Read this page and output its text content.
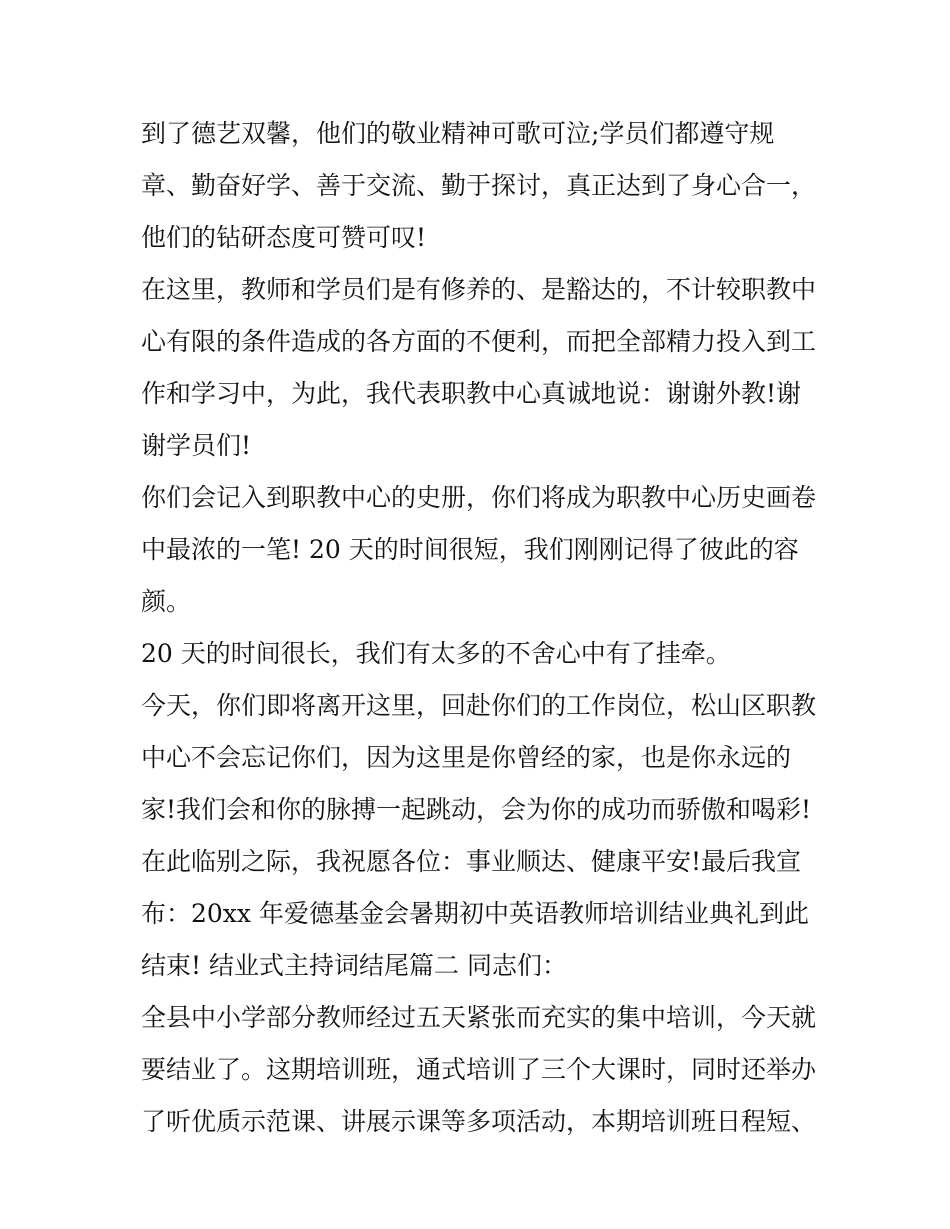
到了德艺双馨，他们的敬业精神可歌可泣;学员们都遵守规
章、勤奋好学、善于交流、勤于探讨，真正达到了身心合一，
他们的钻研态度可赞可叹!
在这里，教师和学员们是有修养的、是豁达的，不计较职教中
心有限的条件造成的各方面的不便利，而把全部精力投入到工
作和学习中，为此，我代表职教中心真诚地说：谢谢外教!谢
谢学员们!
你们会记入到职教中心的史册，你们将成为职教中心历史画卷
中最浓的一笔! 20 天的时间很短，我们刚刚记得了彼此的容
颜。
20 天的时间很长，我们有太多的不舍心中有了挂牵。
今天，你们即将离开这里，回赴你们的工作岗位，松山区职教
中心不会忘记你们，因为这里是你曾经的家，也是你永远的
家!我们会和你的脉搏一起跳动，会为你的成功而骄傲和喝彩!
在此临别之际，我祝愿各位：事业顺达、健康平安!最后我宣
布：20xx 年爱德基金会暑期初中英语教师培训结业典礼到此
结束! 结业式主持词结尾篇二 同志们：
全县中小学部分教师经过五天紧张而充实的集中培训，今天就
要结业了。这期培训班，通式培训了三个大课时，同时还举办
了听优质示范课、讲展示课等多项活动，本期培训班日程短、
